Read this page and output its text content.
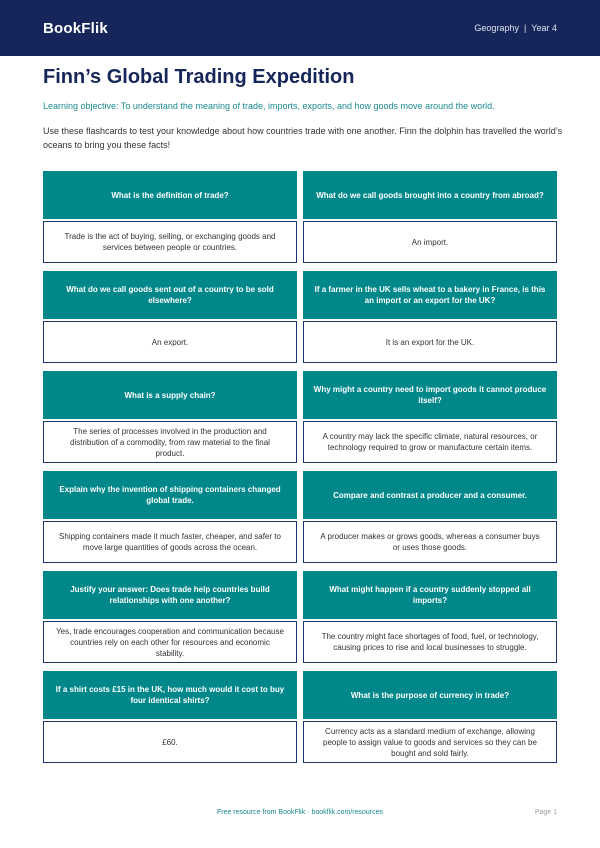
BookFlik	Geography | Year 4
Finn’s Global Trading Expedition

Learning objective: To understand the meaning of trade, imports, exports, and how goods move around the world.

Use these flashcards to test your knowledge about how countries trade with one another. Finn the dolphin has travelled the world’s oceans to bring you these facts!

What is the definition of trade?
Trade is the act of buying, selling, or exchanging goods and services between people or countries.
What do we call goods brought into a country from abroad?
An import.
What do we call goods sent out of a country to be sold elsewhere?
An export.
If a farmer in the UK sells wheat to a bakery in France, is this an import or an export for the UK?
It is an export for the UK.
What is a supply chain?
The series of processes involved in the production and distribution of a commodity, from raw material to the final product.
Why might a country need to import goods it cannot produce itself?
A country may lack the specific climate, natural resources, or technology required to grow or manufacture certain items.
Explain why the invention of shipping containers changed global trade.
Shipping containers made it much faster, cheaper, and safer to move large quantities of goods across the ocean.
Compare and contrast a producer and a consumer.
A producer makes or grows goods, whereas a consumer buys or uses those goods.
Justify your answer: Does trade help countries build relationships with one another?
Yes, trade encourages cooperation and communication because countries rely on each other for resources and economic stability.
What might happen if a country suddenly stopped all imports?
The country might face shortages of food, fuel, or technology, causing prices to rise and local businesses to struggle.
If a shirt costs £15 in the UK, how much would it cost to buy four identical shirts?
£60.
What is the purpose of currency in trade?
Currency acts as a standard medium of exchange, allowing people to assign value to goods and services so they can be bought and sold fairly.
Free resource from BookFlik · bookflik.com/resources	Page 1
